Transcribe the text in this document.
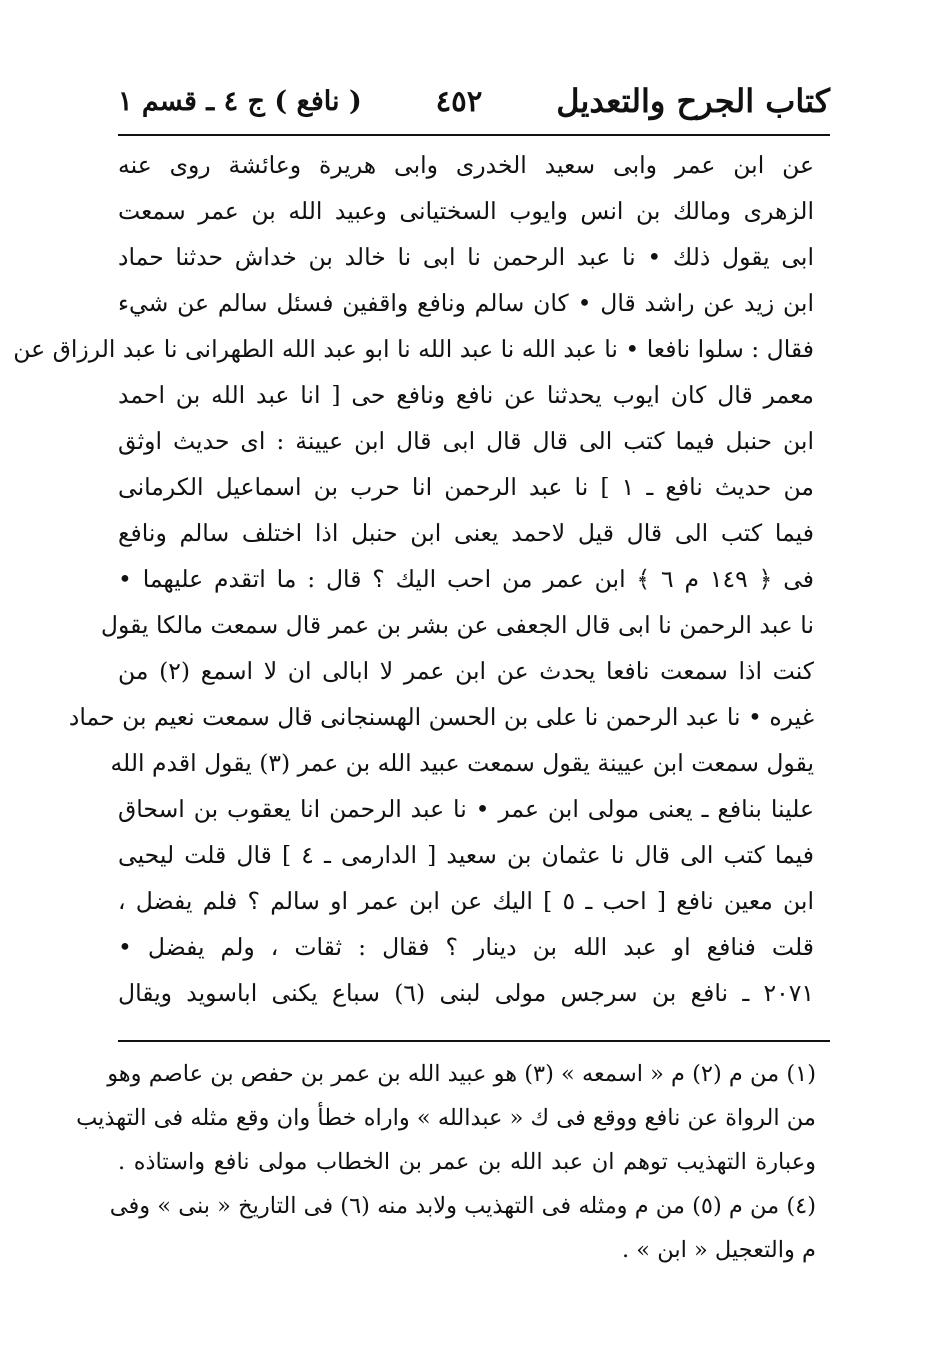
كتاب الجرح والتعديل
٤٥٢
( نافع ) ج ٤ ـ قسم ١
عن ابن عمر وابى سعيد الخدرى وابى هريرة وعائشة روى عنه
الزهرى ومالك بن انس وايوب السختيانى وعبيد الله بن عمر سمعت
ابى يقول ذلك • نا عبد الرحمن نا ابى نا خالد بن خداش حدثنا حماد
ابن زيد عن راشد قال • كان سالم ونافع واقفين فسئل سالم عن شيء
فقال : سلوا نافعا • نا عبد الله نا عبد الله نا ابو عبد الله الطهرانى نا عبد الرزاق عن
معمر قال كان ايوب يحدثنا عن نافع ونافع حى [ انا عبد الله بن احمد
ابن حنبل فيما كتب الى قال قال ابى قال ابن عيينة : اى حديث اوثق
من حديث نافع ـ ١ ] نا عبد الرحمن انا حرب بن اسماعيل الكرمانى
فيما كتب الى قال قيل لاحمد يعنى ابن حنبل اذا اختلف سالم ونافع
فى ﴿ ١٤٩ م ٦ ﴾ ابن عمر من احب اليك ؟ قال : ما اتقدم عليهما •
نا عبد الرحمن نا ابى قال الجعفى عن بشر بن عمر قال سمعت مالكا يقول
كنت اذا سمعت نافعا يحدث عن ابن عمر لا ابالى ان لا اسمع (٢) من
غيره • نا عبد الرحمن نا على بن الحسن الهسنجانى قال سمعت نعيم بن حماد
يقول سمعت ابن عيينة يقول سمعت عبيد الله بن عمر (٣) يقول اقدم الله
علينا بنافع ـ يعنى مولى ابن عمر • نا عبد الرحمن انا يعقوب بن اسحاق
فيما كتب الى قال نا عثمان بن سعيد [ الدارمى ـ ٤ ] قال قلت ليحيى
ابن معين نافع [ احب ـ ٥ ] اليك عن ابن عمر او سالم ؟ فلم يفضل ،
قلت فنافع او عبد الله بن دينار ؟ فقال : ثقات ، ولم يفضل •
٢٠٧١ ـ نافع بن سرجس مولى لبنى (٦) سباع يكنى اباسويد ويقال
(١) من م (٢) م « اسمعه » (٣) هو عبيد الله بن عمر بن حفص بن عاصم وهو
من الرواة عن نافع ووقع فى ك « عبدالله » واراه خطأ وان وقع مثله فى التهذيب
وعبارة التهذيب توهم ان عبد الله بن عمر بن الخطاب مولى نافع واستاذه .
(٤) من م (٥) من م ومثله فى التهذيب ولابد منه (٦) فى التاريخ « بنى » وفى
م والتعجيل « ابن » .
